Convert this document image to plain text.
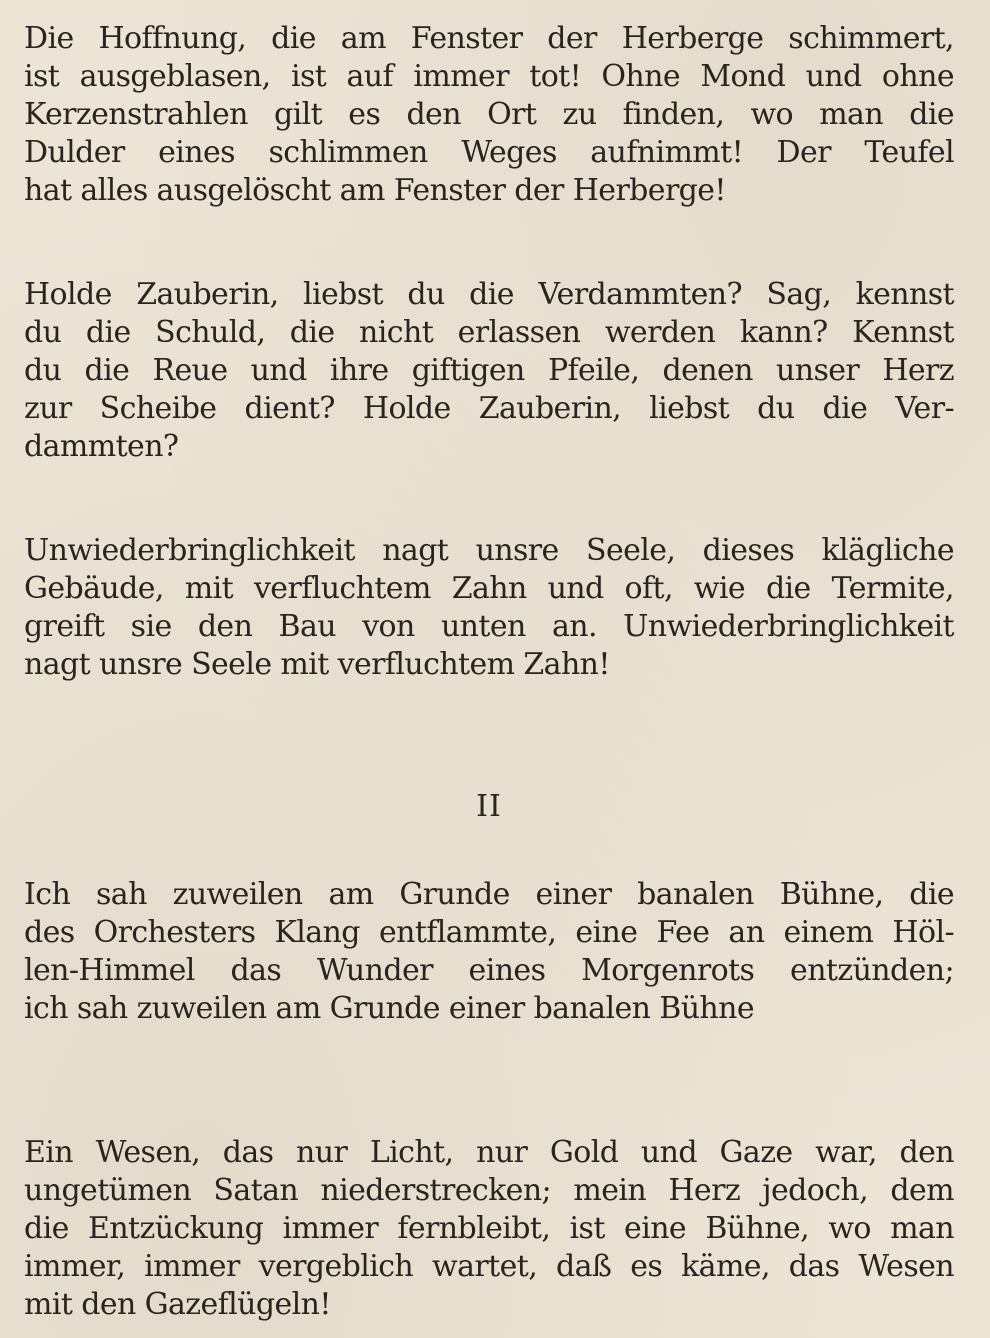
Die Hoffnung, die am Fenster der Herberge schimmert,
ist ausgeblasen, ist auf immer tot! Ohne Mond und ohne
Kerzenstrahlen gilt es den Ort zu finden, wo man die
Dulder eines schlimmen Weges aufnimmt! Der Teufel
hat alles ausgelöscht am Fenster der Herberge!

Holde Zauberin, liebst du die Verdammten? Sag, kennst
du die Schuld, die nicht erlassen werden kann? Kennst
du die Reue und ihre giftigen Pfeile, denen unser Herz
zur Scheibe dient? Holde Zauberin, liebst du die Ver-
dammten?

Unwiederbringlichkeit nagt unsre Seele, dieses klägliche
Gebäude, mit verfluchtem Zahn und oft, wie die Termite,
greift sie den Bau von unten an. Unwiederbringlichkeit
nagt unsre Seele mit verfluchtem Zahn!

II

Ich sah zuweilen am Grunde einer banalen Bühne, die
des Orchesters Klang entflammte, eine Fee an einem Höl-
len-Himmel das Wunder eines Morgenrots entzünden;
ich sah zuweilen am Grunde einer banalen Bühne

Ein Wesen, das nur Licht, nur Gold und Gaze war, den
ungetümen Satan niederstrecken; mein Herz jedoch, dem
die Entzückung immer fernbleibt, ist eine Bühne, wo man
immer, immer vergeblich wartet, daß es käme, das Wesen
mit den Gazeflügeln!
